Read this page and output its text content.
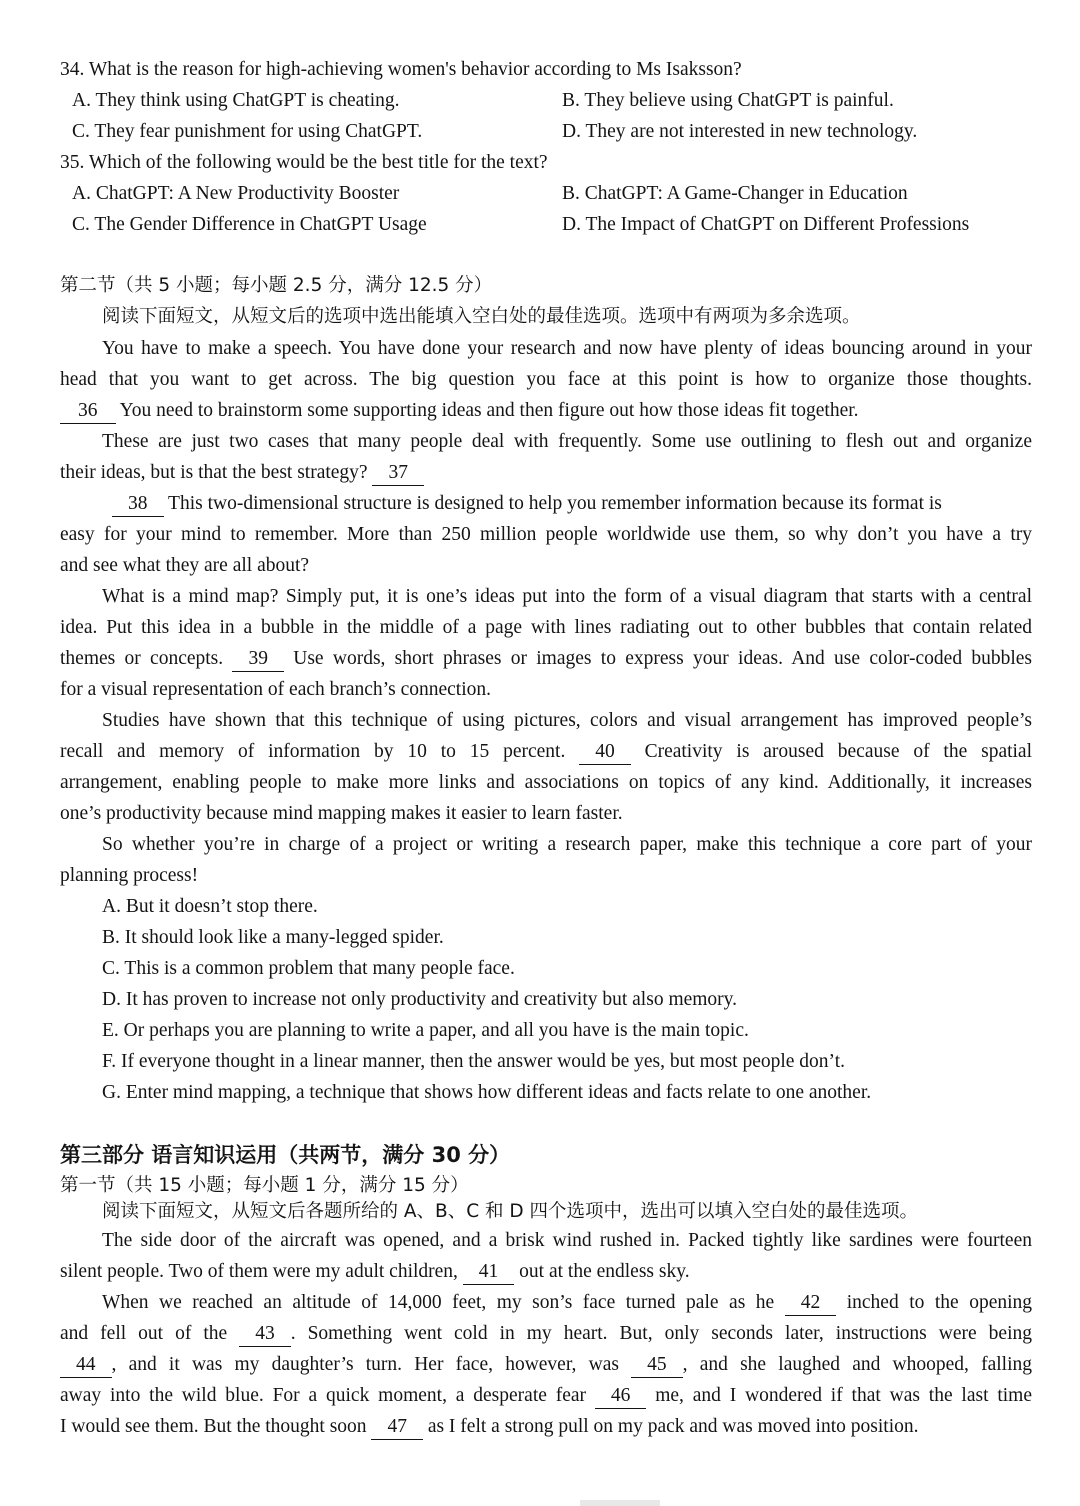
34. What is the reason for high-achieving women's behavior according to Ms Isaksson?
A. They think using ChatGPT is cheating.	B. They believe using ChatGPT is painful.
C. They fear punishment for using ChatGPT.	D. They are not interested in new technology.
35. Which of the following would be the best title for the text?
A. ChatGPT: A New Productivity Booster	B. ChatGPT: A Game-Changer in Education
C. The Gender Difference in ChatGPT Usage	D. The Impact of ChatGPT on Different Professions
第二节（共 5 小题；每小题 2.5 分，满分 12.5 分）
阅读下面短文，从短文后的选项中选出能填入空白处的最佳选项。选项中有两项为多余选项。
You have to make a speech. You have done your research and now have plenty of ideas bouncing around in your
head that you want to get across. The big question you face at this point is how to organize those thoughts.
36 You need to brainstorm some supporting ideas and then figure out how those ideas fit together.
These are just two cases that many people deal with frequently. Some use outlining to flesh out and organize
their ideas, but is that the best strategy? 37
38 This two-dimensional structure is designed to help you remember information because its format is
easy for your mind to remember. More than 250 million people worldwide use them, so why don’t you have a try
and see what they are all about?
What is a mind map? Simply put, it is one’s ideas put into the form of a visual diagram that starts with a central
idea. Put this idea in a bubble in the middle of a page with lines radiating out to other bubbles that contain related
themes or concepts. 39 Use words, short phrases or images to express your ideas. And use color-coded bubbles
for a visual representation of each branch’s connection.
Studies have shown that this technique of using pictures, colors and visual arrangement has improved people’s
recall and memory of information by 10 to 15 percent. 40 Creativity is aroused because of the spatial
arrangement, enabling people to make more links and associations on topics of any kind. Additionally, it increases
one’s productivity because mind mapping makes it easier to learn faster.
So whether you’re in charge of a project or writing a research paper, make this technique a core part of your
planning process!
A. But it doesn’t stop there.
B. It should look like a many-legged spider.
C. This is a common problem that many people face.
D. It has proven to increase not only productivity and creativity but also memory.
E. Or perhaps you are planning to write a paper, and all you have is the main topic.
F. If everyone thought in a linear manner, then the answer would be yes, but most people don’t.
G. Enter mind mapping, a technique that shows how different ideas and facts relate to one another.
第三部分 语言知识运用（共两节，满分 30 分）
第一节（共 15 小题；每小题 1 分，满分 15 分）
阅读下面短文，从短文后各题所给的 A、B、C 和 D 四个选项中，选出可以填入空白处的最佳选项。
The side door of the aircraft was opened, and a brisk wind rushed in. Packed tightly like sardines were fourteen
silent people. Two of them were my adult children, 41 out at the endless sky.
When we reached an altitude of 14,000 feet, my son’s face turned pale as he 42 inched to the opening
and fell out of the 43 . Something went cold in my heart. But, only seconds later, instructions were being
44 , and it was my daughter’s turn. Her face, however, was 45 , and she laughed and whooped, falling
away into the wild blue. For a quick moment, a desperate fear 46 me, and I wondered if that was the last time
I would see them. But the thought soon 47 as I felt a strong pull on my pack and was moved into position.
